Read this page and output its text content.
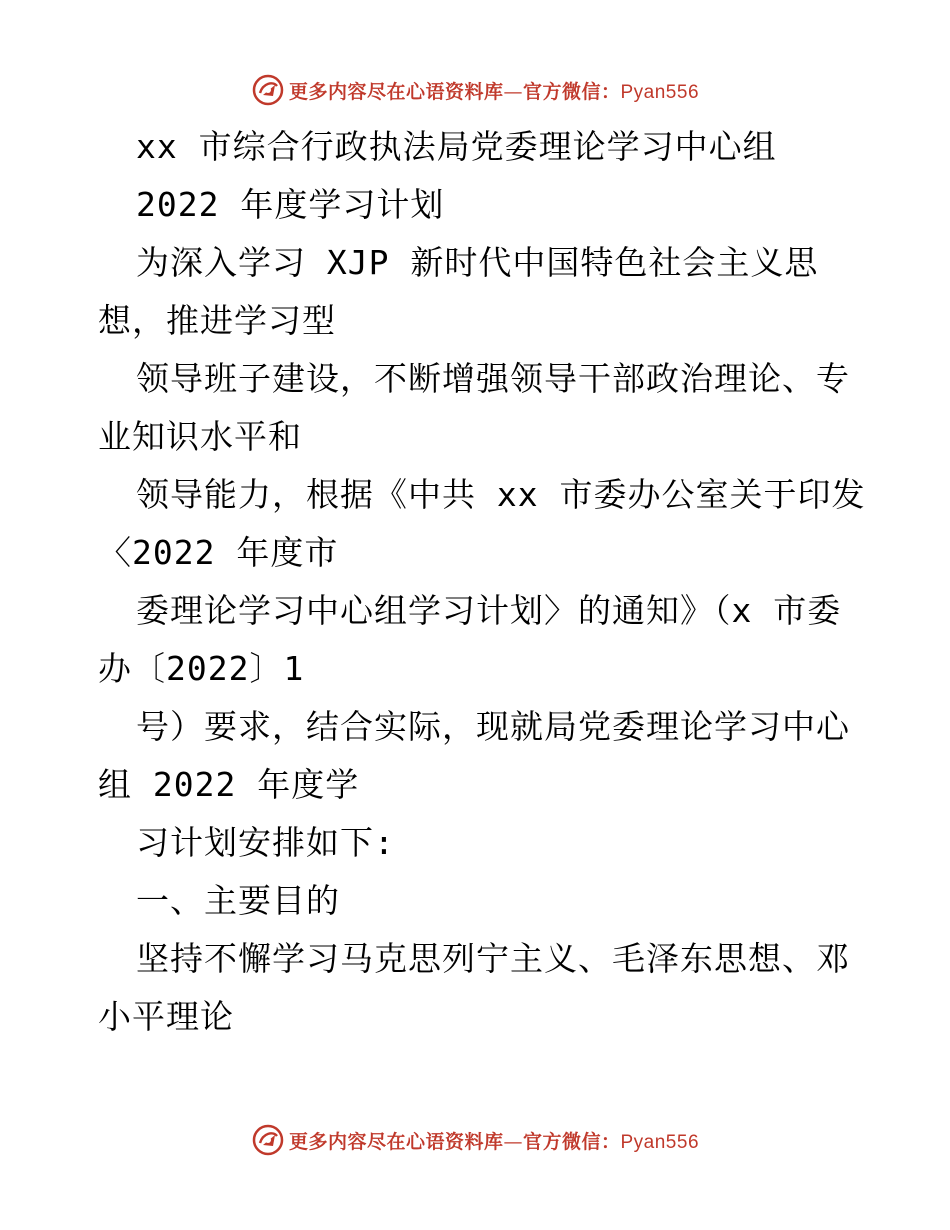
更多内容尽在心语资料库—官方微信：Pyan556
xx 市综合行政执法局党委理论学习中心组
2022 年度学习计划
为深入学习 XJP 新时代中国特色社会主义思
想，推进学习型
领导班子建设，不断增强领导干部政治理论、专
业知识水平和
领导能力，根据《中共 xx 市委办公室关于印发
〈2022 年度市
委理论学习中心组学习计划〉的通知》（x 市委
办〔2022〕1
号）要求，结合实际，现就局党委理论学习中心
组 2022 年度学
习计划安排如下:
一、主要目的
坚持不懈学习马克思列宁主义、毛泽东思想、邓
小平理论
更多内容尽在心语资料库—官方微信：Pyan556
